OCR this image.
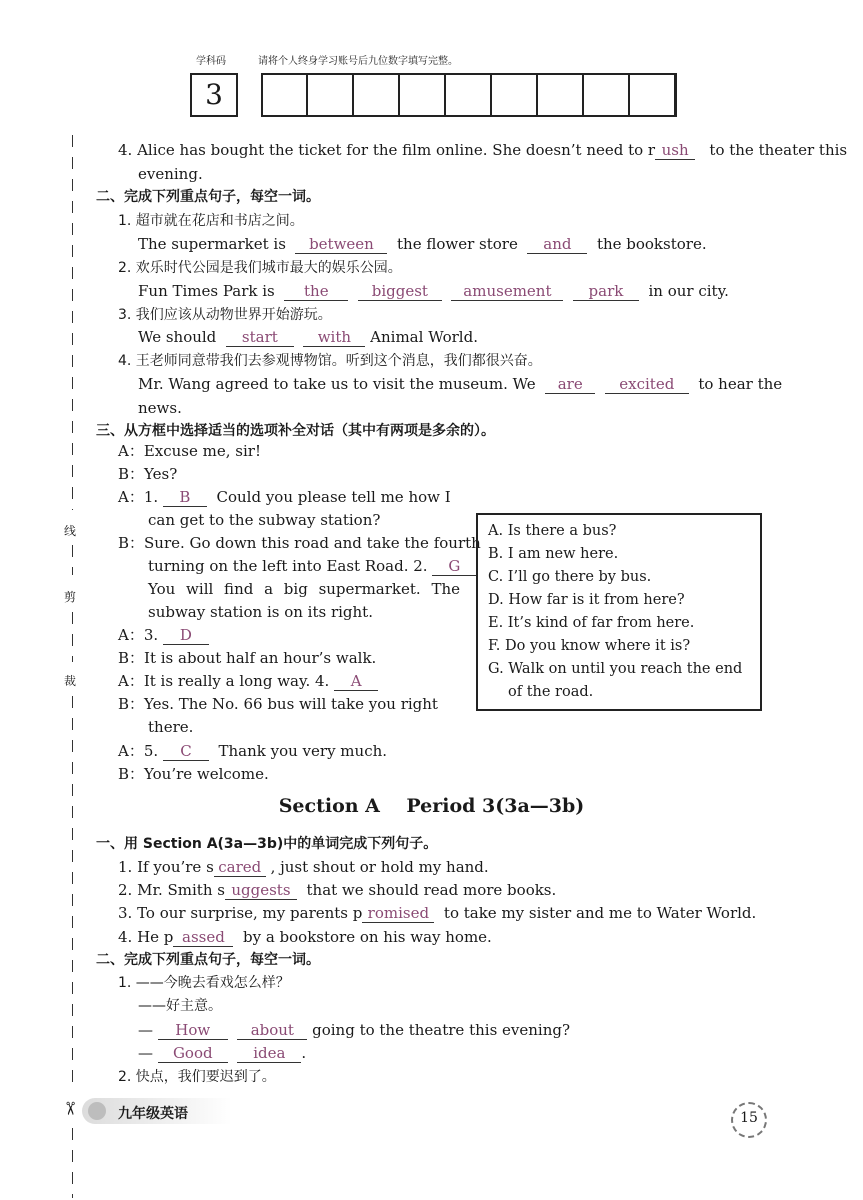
学科码	请将个人终身学习账号后九位数字填写完整。
3
线
剪
裁
✂
4. Alice has bought the ticket for the film online. She doesn’t need to r ush to the theater this
evening.
二、完成下列重点句子，每空一词。
1. 超市就在花店和书店之间。
The supermarket is between the flower store and the bookstore.
2. 欢乐时代公园是我们城市最大的娱乐公园。
Fun Times Park is the	biggest amusement park in our city.
3. 我们应该从动物世界开始游玩。
We should start	with Animal World.
4. 王老师同意带我们去参观博物馆。听到这个消息，我们都很兴奋。
Mr. Wang agreed to take us to visit the museum. We are excited to hear the
news.
三、从方框中选择适当的选项补全对话（其中有两项是多余的）。
A：Excuse me, sir!
B：Yes?
A：1. B Could you please tell me how I
can get to the subway station?
B：Sure. Go down this road and take the fourth
turning on the left into East Road. 2. G
You will find a big supermarket. The
subway station is on its right.
A：3. D
B：It is about half an hour’s walk.
A：It is really a long way. 4. A
B：Yes. The No. 66 bus will take you right
there.
A：5. C Thank you very much.
B：You’re welcome.
A. Is there a bus?
B. I am new here.
C. I’ll go there by bus.
D. How far is it from here?
E. It’s kind of far from here.
F. Do you know where it is?
G. Walk on until you reach the end
of the road.
Section A    Period 3(3a—3b)
一、用 Section A(3a—3b)中的单词完成下列句子。
1. If you’re s cared , just shout or hold my hand.
2. Mr. Smith s uggests that we should read more books.
3. To our surprise, my parents p romised to take my sister and me to Water World.
4. He p assed by a bookstore on his way home.
二、完成下列重点句子，每空一词。
1. ——今晚去看戏怎么样？
——好主意。
— How	about going to the theatre this evening?
— Good	idea .
2. 快点，我们要迟到了。
九年级英语	15
